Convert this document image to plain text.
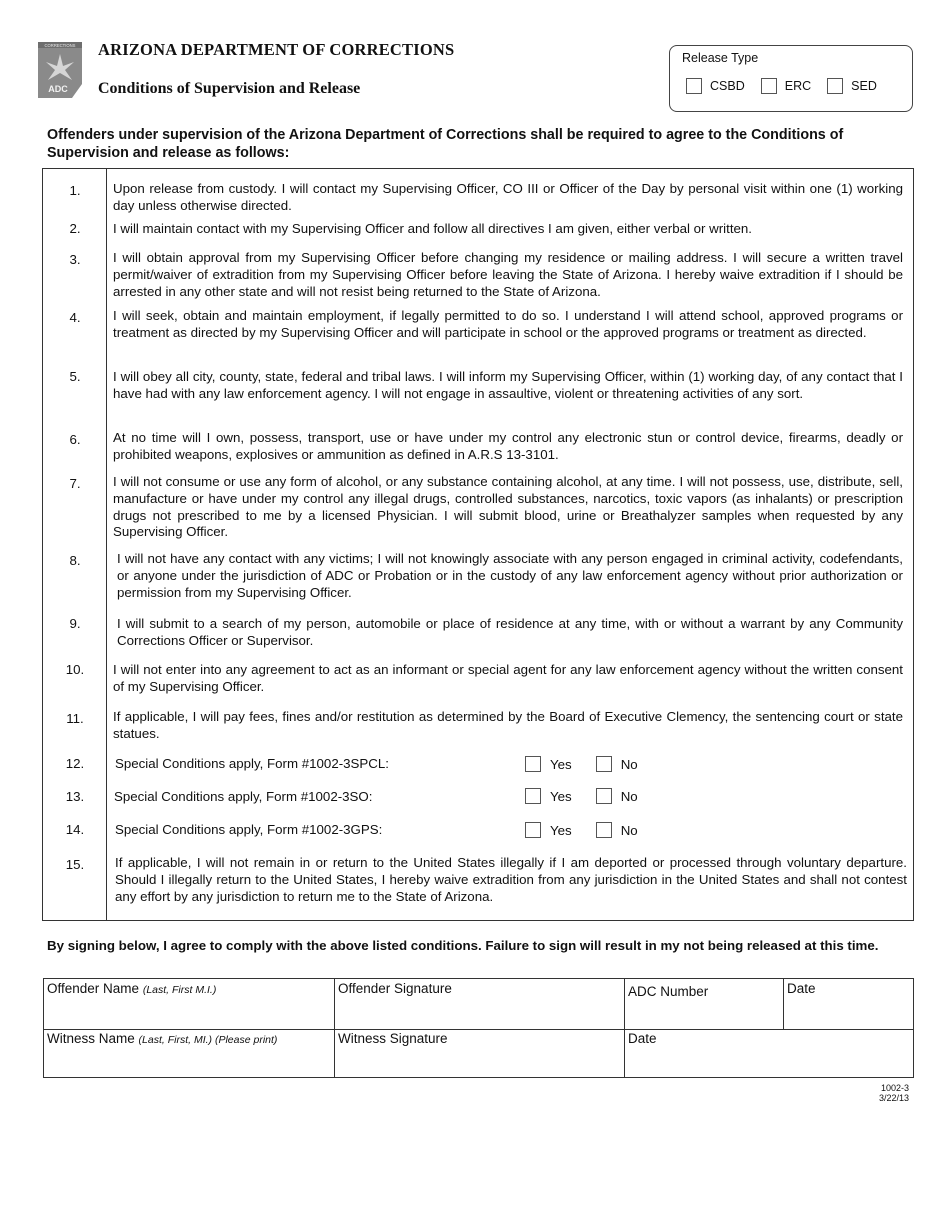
CORRECTIONS
ADC
ARIZONA DEPARTMENT OF CORRECTIONS
Conditions of Supervision and Release
Release Type
CSBD	ERC	SED
Offenders under supervision of the Arizona Department of Corrections shall be required to agree to the Conditions of Supervision and release as follows:
1.	Upon release from custody. I will contact my Supervising Officer, CO III or Officer of the Day by personal visit within one (1) working day unless otherwise directed.
2.	I will maintain contact with my Supervising Officer and follow all directives I am given, either verbal or written.
3.	I will obtain approval from my Supervising Officer before changing my residence or mailing address. I will secure a written travel permit/waiver of extradition from my Supervising Officer before leaving the State of Arizona. I hereby waive extradition if I should be arrested in any other state and will not resist being returned to the State of Arizona.
4.	I will seek, obtain and maintain employment, if legally permitted to do so. I understand I will attend school, approved programs or treatment as directed by my Supervising Officer and will participate in school or the approved programs or treatment as directed.
5.	I will obey all city, county, state, federal and tribal laws. I will inform my Supervising Officer, within (1) working day, of any contact that I have had with any law enforcement agency. I will not engage in assaultive, violent or threatening activities of any sort.
6.	At no time will I own, possess, transport, use or have under my control any electronic stun or control device, firearms, deadly or prohibited weapons, explosives or ammunition as defined in A.R.S 13-3101.
7.	I will not consume or use any form of alcohol, or any substance containing alcohol, at any time. I will not possess, use, distribute, sell, manufacture or have under my control any illegal drugs, controlled substances, narcotics, toxic vapors (as inhalants) or prescription drugs not prescribed to me by a licensed Physician. I will submit blood, urine or Breathalyzer samples when requested by any Supervising Officer.
8.	I will not have any contact with any victims; I will not knowingly associate with any person engaged in criminal activity, codefendants, or anyone under the jurisdiction of ADC or Probation or in the custody of any law enforcement agency without prior authorization or permission from my Supervising Officer.
9.	I will submit to a search of my person, automobile or place of residence at any time, with or without a warrant by any Community Corrections Officer or Supervisor.
10.	I will not enter into any agreement to act as an informant or special agent for any law enforcement agency without the written consent of my Supervising Officer.
11.	If applicable, I will pay fees, fines and/or restitution as determined by the Board of Executive Clemency, the sentencing court or state statues.
12.	Special Conditions apply, Form #1002-3SPCL:	Yes	No
13.	Special Conditions apply, Form #1002-3SO:	Yes	No
14.	Special Conditions apply, Form #1002-3GPS:	Yes	No
15.	If applicable, I will not remain in or return to the United States illegally if I am deported or processed through voluntary departure. Should I illegally return to the United States, I hereby waive extradition from any jurisdiction in the United States and shall not contest any effort by any jurisdiction to return me to the State of Arizona.
By signing below, I agree to comply with the above listed conditions. Failure to sign will result in my not being released at this time.
Offender Name (Last, First M.I.)	Offender Signature	ADC Number	Date
Witness Name (Last, First, MI.) (Please print)	Witness Signature	Date
1002-3
3/22/13
